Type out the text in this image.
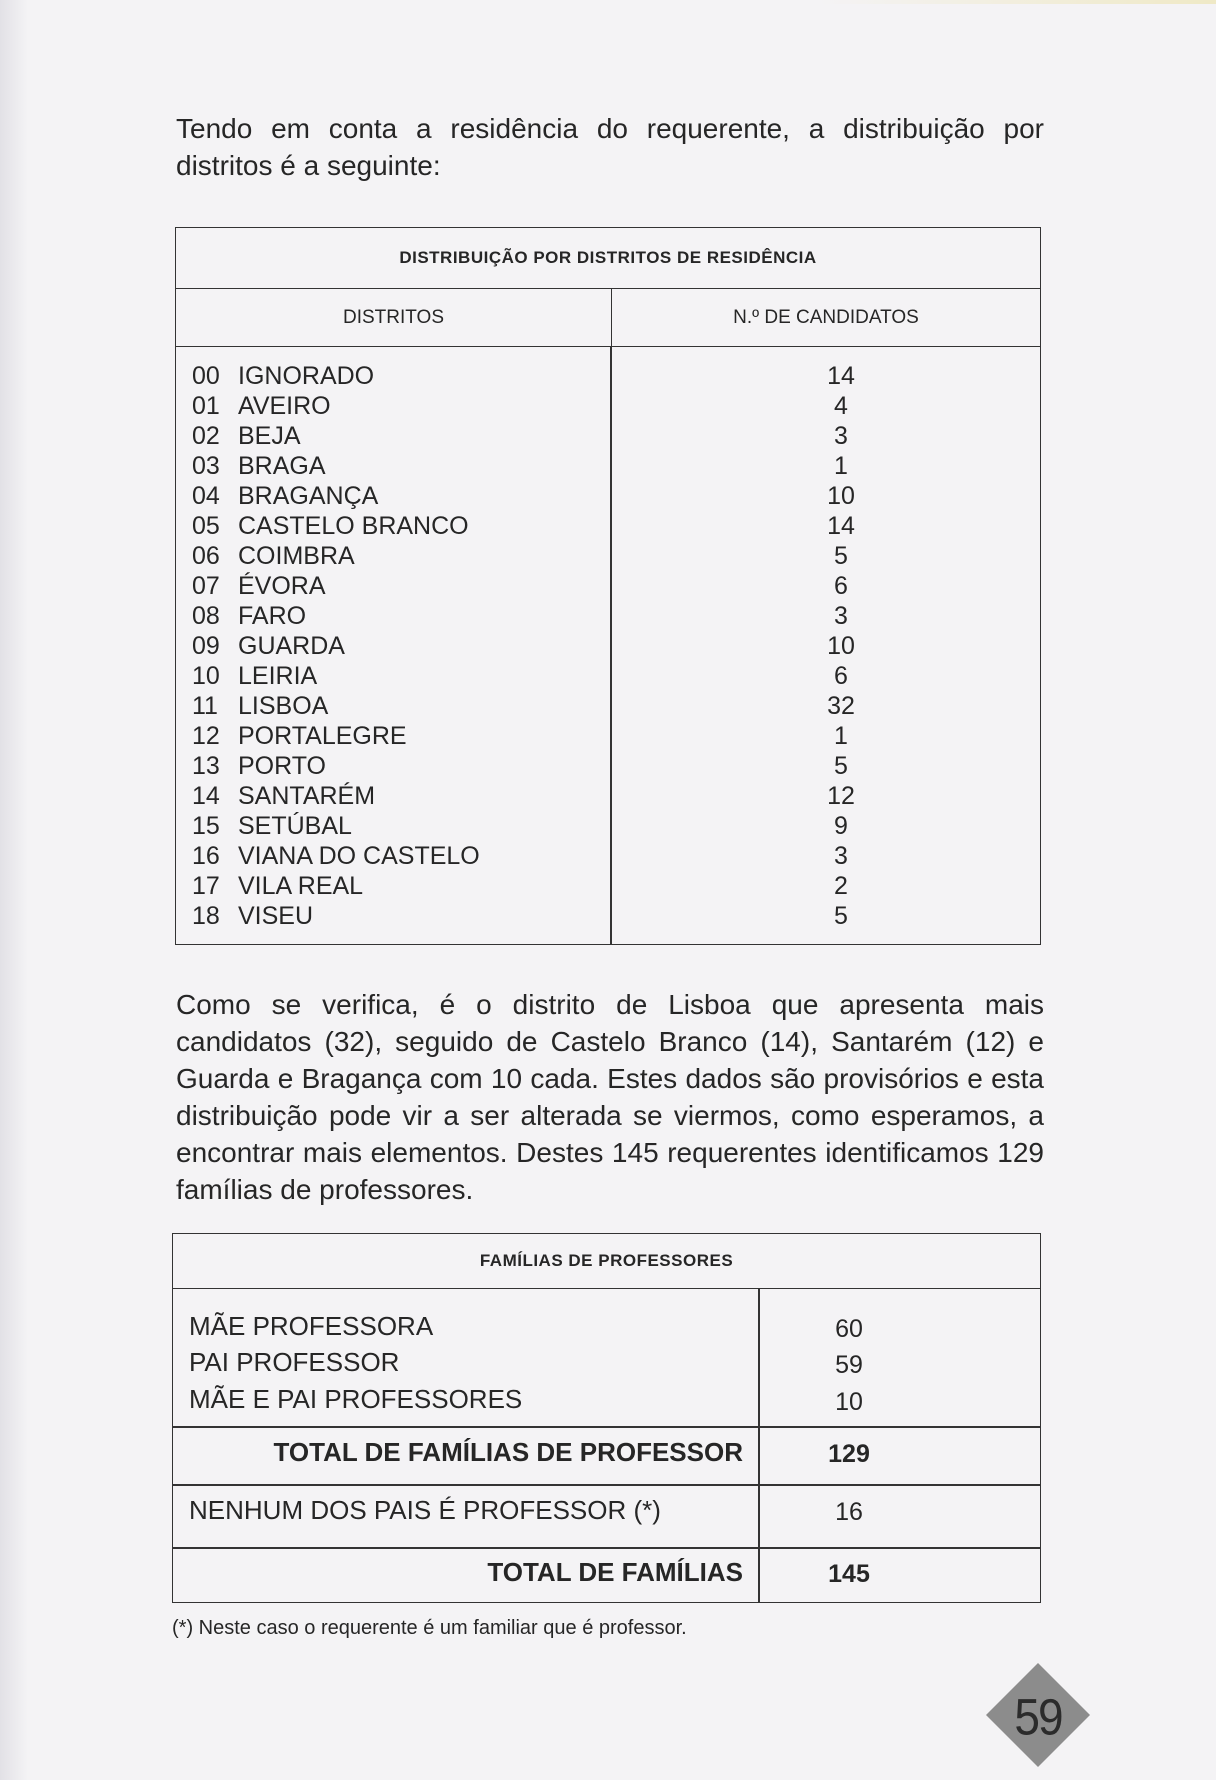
Tendo em conta a residência do requerente, a distribuição por distritos é a seguinte:

DISTRIBUIÇÃO POR DISTRITOS DE RESIDÊNCIA
DISTRITOS	N.º DE CANDIDATOS
00 IGNORADO	14
01 AVEIRO	4
02 BEJA	3
03 BRAGA	1
04 BRAGANÇA	10
05 CASTELO BRANCO	14
06 COIMBRA	5
07 ÉVORA	6
08 FARO	3
09 GUARDA	10
10 LEIRIA	6
11 LISBOA	32
12 PORTALEGRE	1
13 PORTO	5
14 SANTARÉM	12
15 SETÚBAL	9
16 VIANA DO CASTELO	3
17 VILA REAL	2
18 VISEU	5

Como se verifica, é o distrito de Lisboa que apresenta mais candidatos (32), seguido de Castelo Branco (14), Santarém (12) e Guarda e Bragança com 10 cada. Estes dados são provisórios e esta distribuição pode vir a ser alterada se viermos, como esperamos, a encontrar mais elementos. Destes 145 requerentes identificamos 129 famílias de professores.

FAMÍLIAS DE PROFESSORES
MÃE PROFESSORA	60
PAI PROFESSOR	59
MÃE E PAI PROFESSORES	10
TOTAL DE FAMÍLIAS DE PROFESSOR	129
NENHUM DOS PAIS É PROFESSOR (*)	16
TOTAL DE FAMÍLIAS	145
(*) Neste caso o requerente é um familiar que é professor.
59
